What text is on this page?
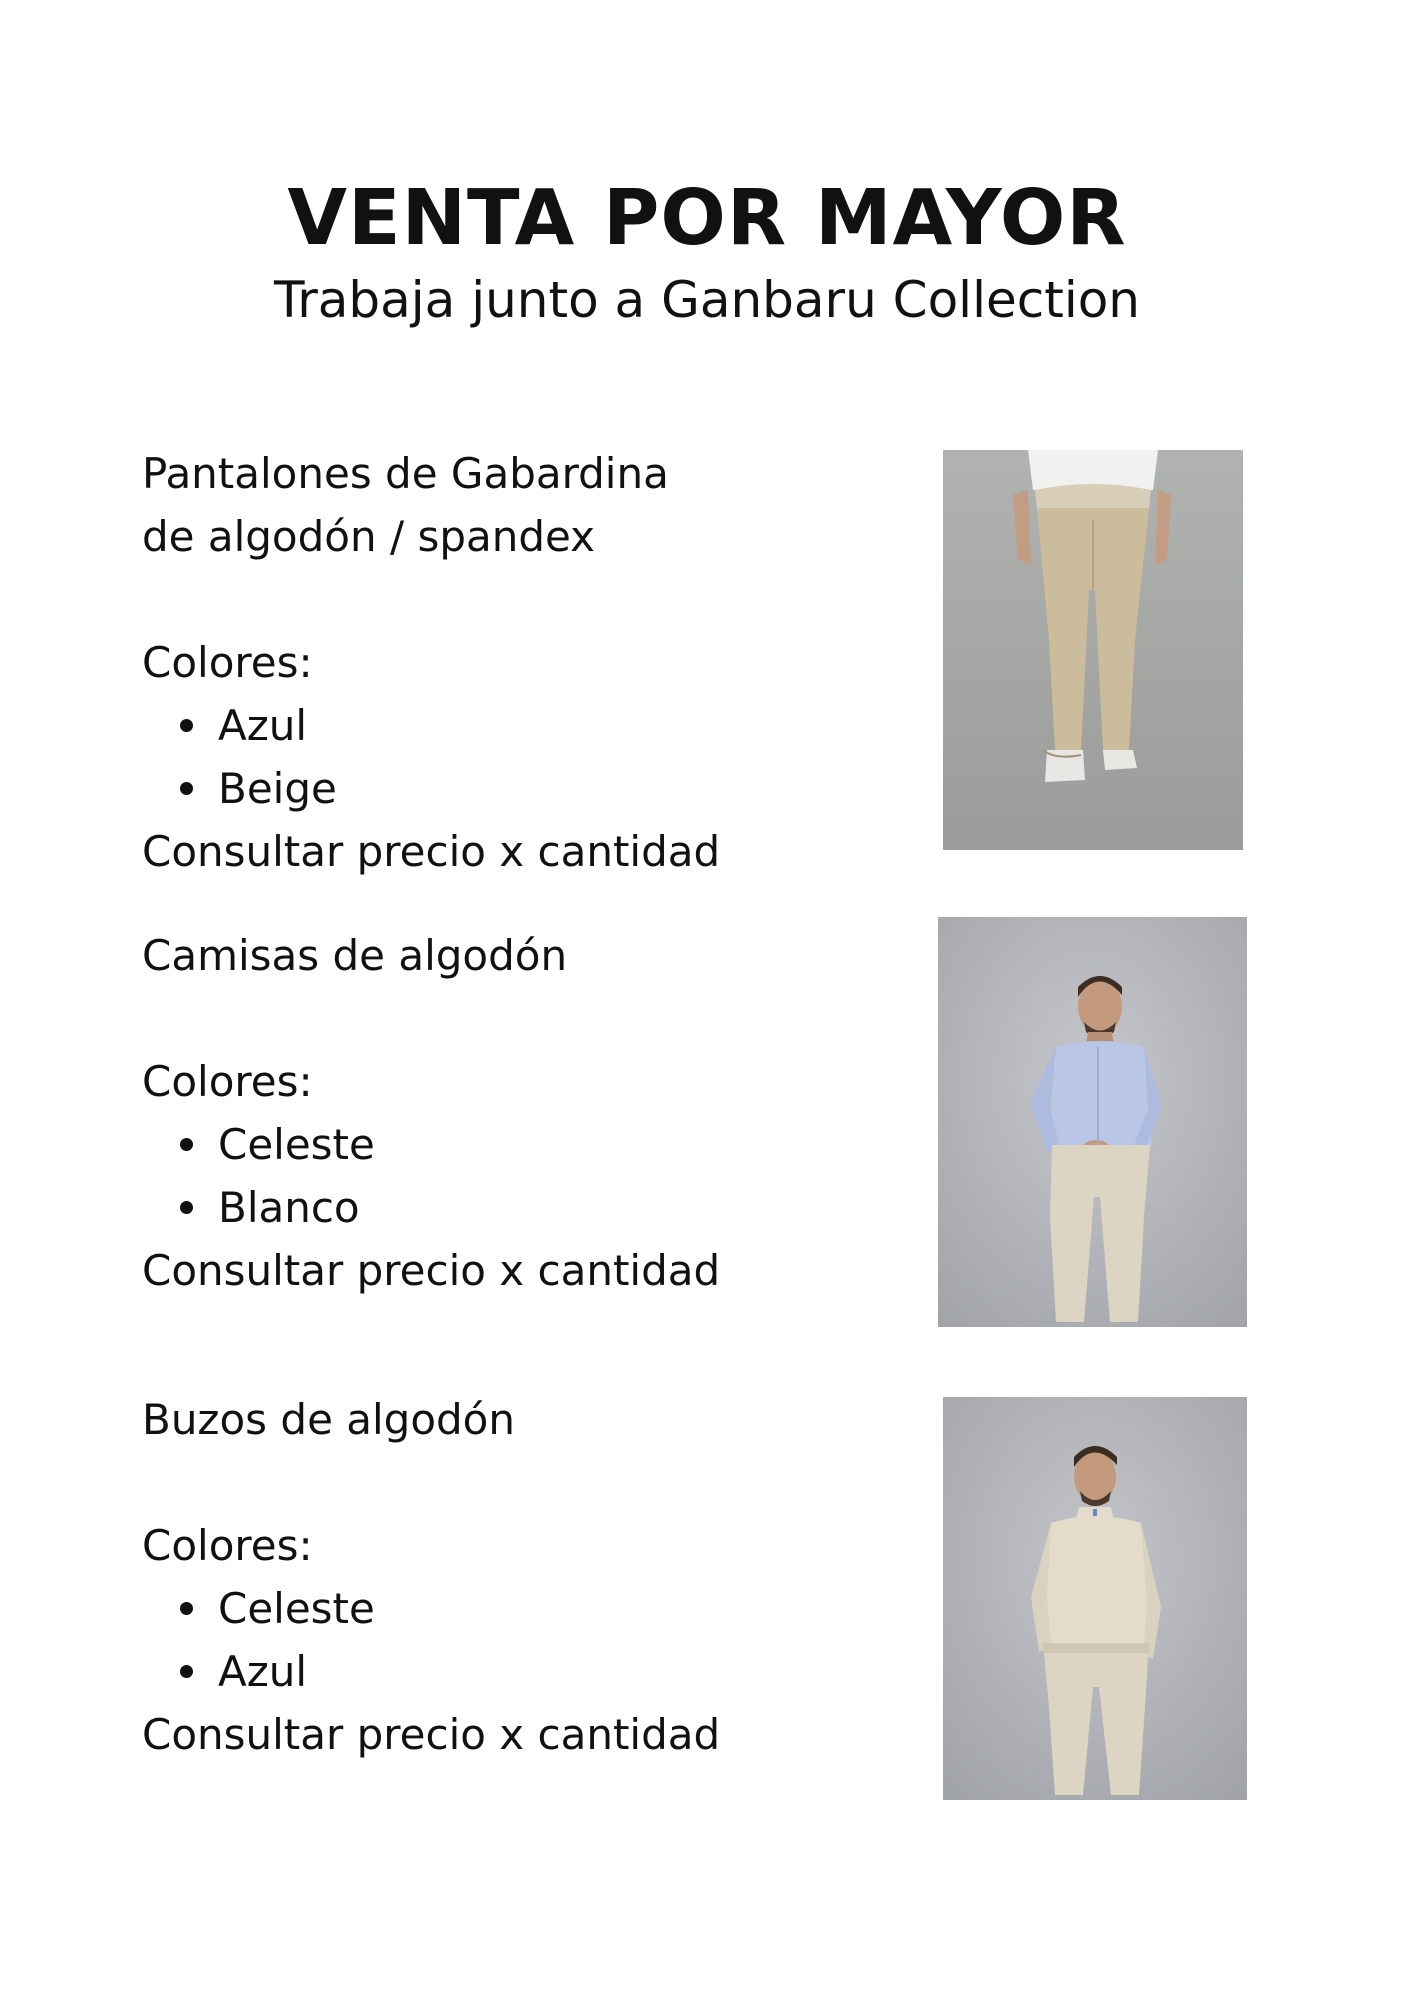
VENTA POR MAYOR
Trabaja junto a Ganbaru Collection

Pantalones de Gabardina

de algodón / spandex

Colores:

Azul
Beige

Consultar precio x cantidad

Camisas de algodón

Colores:

Celeste
Blanco

Consultar precio x cantidad

Buzos de algodón

Colores:

Celeste
Azul

Consultar precio x cantidad
